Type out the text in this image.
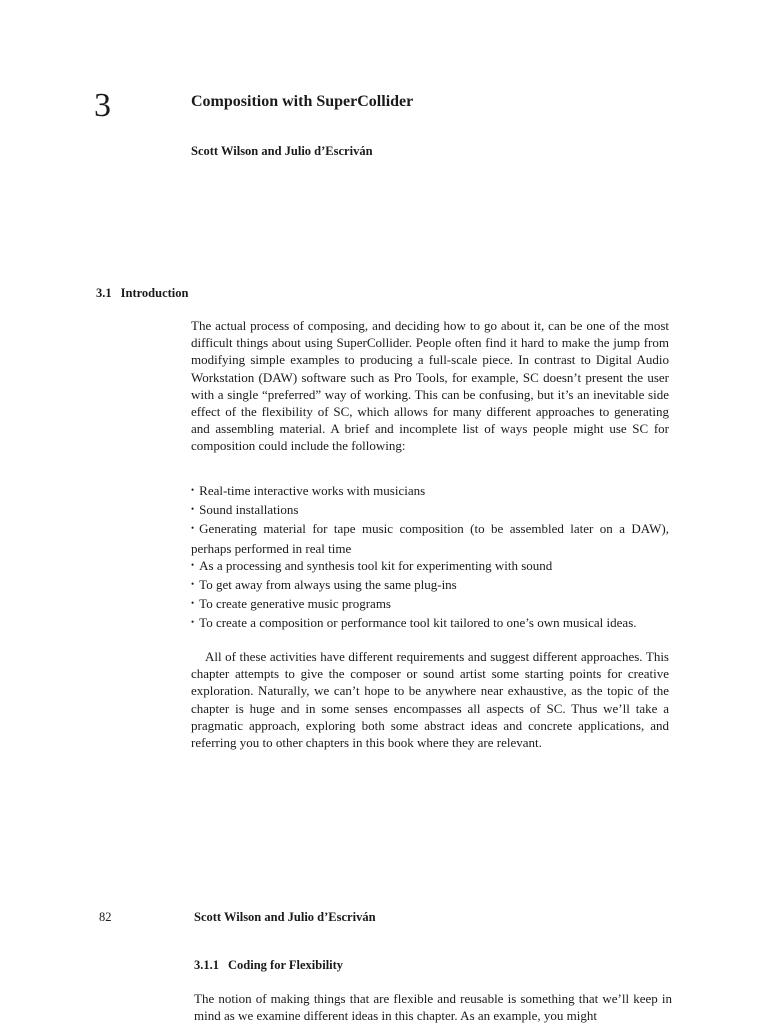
3	Composition with SuperCollider
Scott Wilson and Julio d’Escriván
3.1 Introduction

The actual process of composing, and deciding how to go about it, can be one of the most difficult things about using SuperCollider. People often find it hard to make the jump from modifying simple examples to producing a full-scale piece. In contrast to Digital Audio Workstation (DAW) software such as Pro Tools, for example, SC doesn’t present the user with a single “preferred” way of working. This can be confusing, but it’s an inevitable side effect of the flexibility of SC, which allows for many different approaches to generating and assembling material. A brief and incomplete list of ways people might use SC for composition could include the following:

• Real-time interactive works with musicians
• Sound installations
• Generating material for tape music composition (to be assembled later on a DAW), perhaps performed in real time
• As a processing and synthesis tool kit for experimenting with sound
• To get away from always using the same plug-ins
• To create generative music programs
• To create a composition or performance tool kit tailored to one’s own musical ideas.

All of these activities have different requirements and suggest different approaches. This chapter attempts to give the composer or sound artist some starting points for creative exploration. Naturally, we can’t hope to be anywhere near exhaustive, as the topic of the chapter is huge and in some senses encompasses all aspects of SC. Thus we’ll take a pragmatic approach, exploring both some abstract ideas and concrete applications, and referring you to other chapters in this book where they are relevant.

82	Scott Wilson and Julio d’Escriván
3.1.1 Coding for Flexibility

The notion of making things that are flexible and reusable is something that we’ll keep in mind as we examine different ideas in this chapter. As an example, you might
